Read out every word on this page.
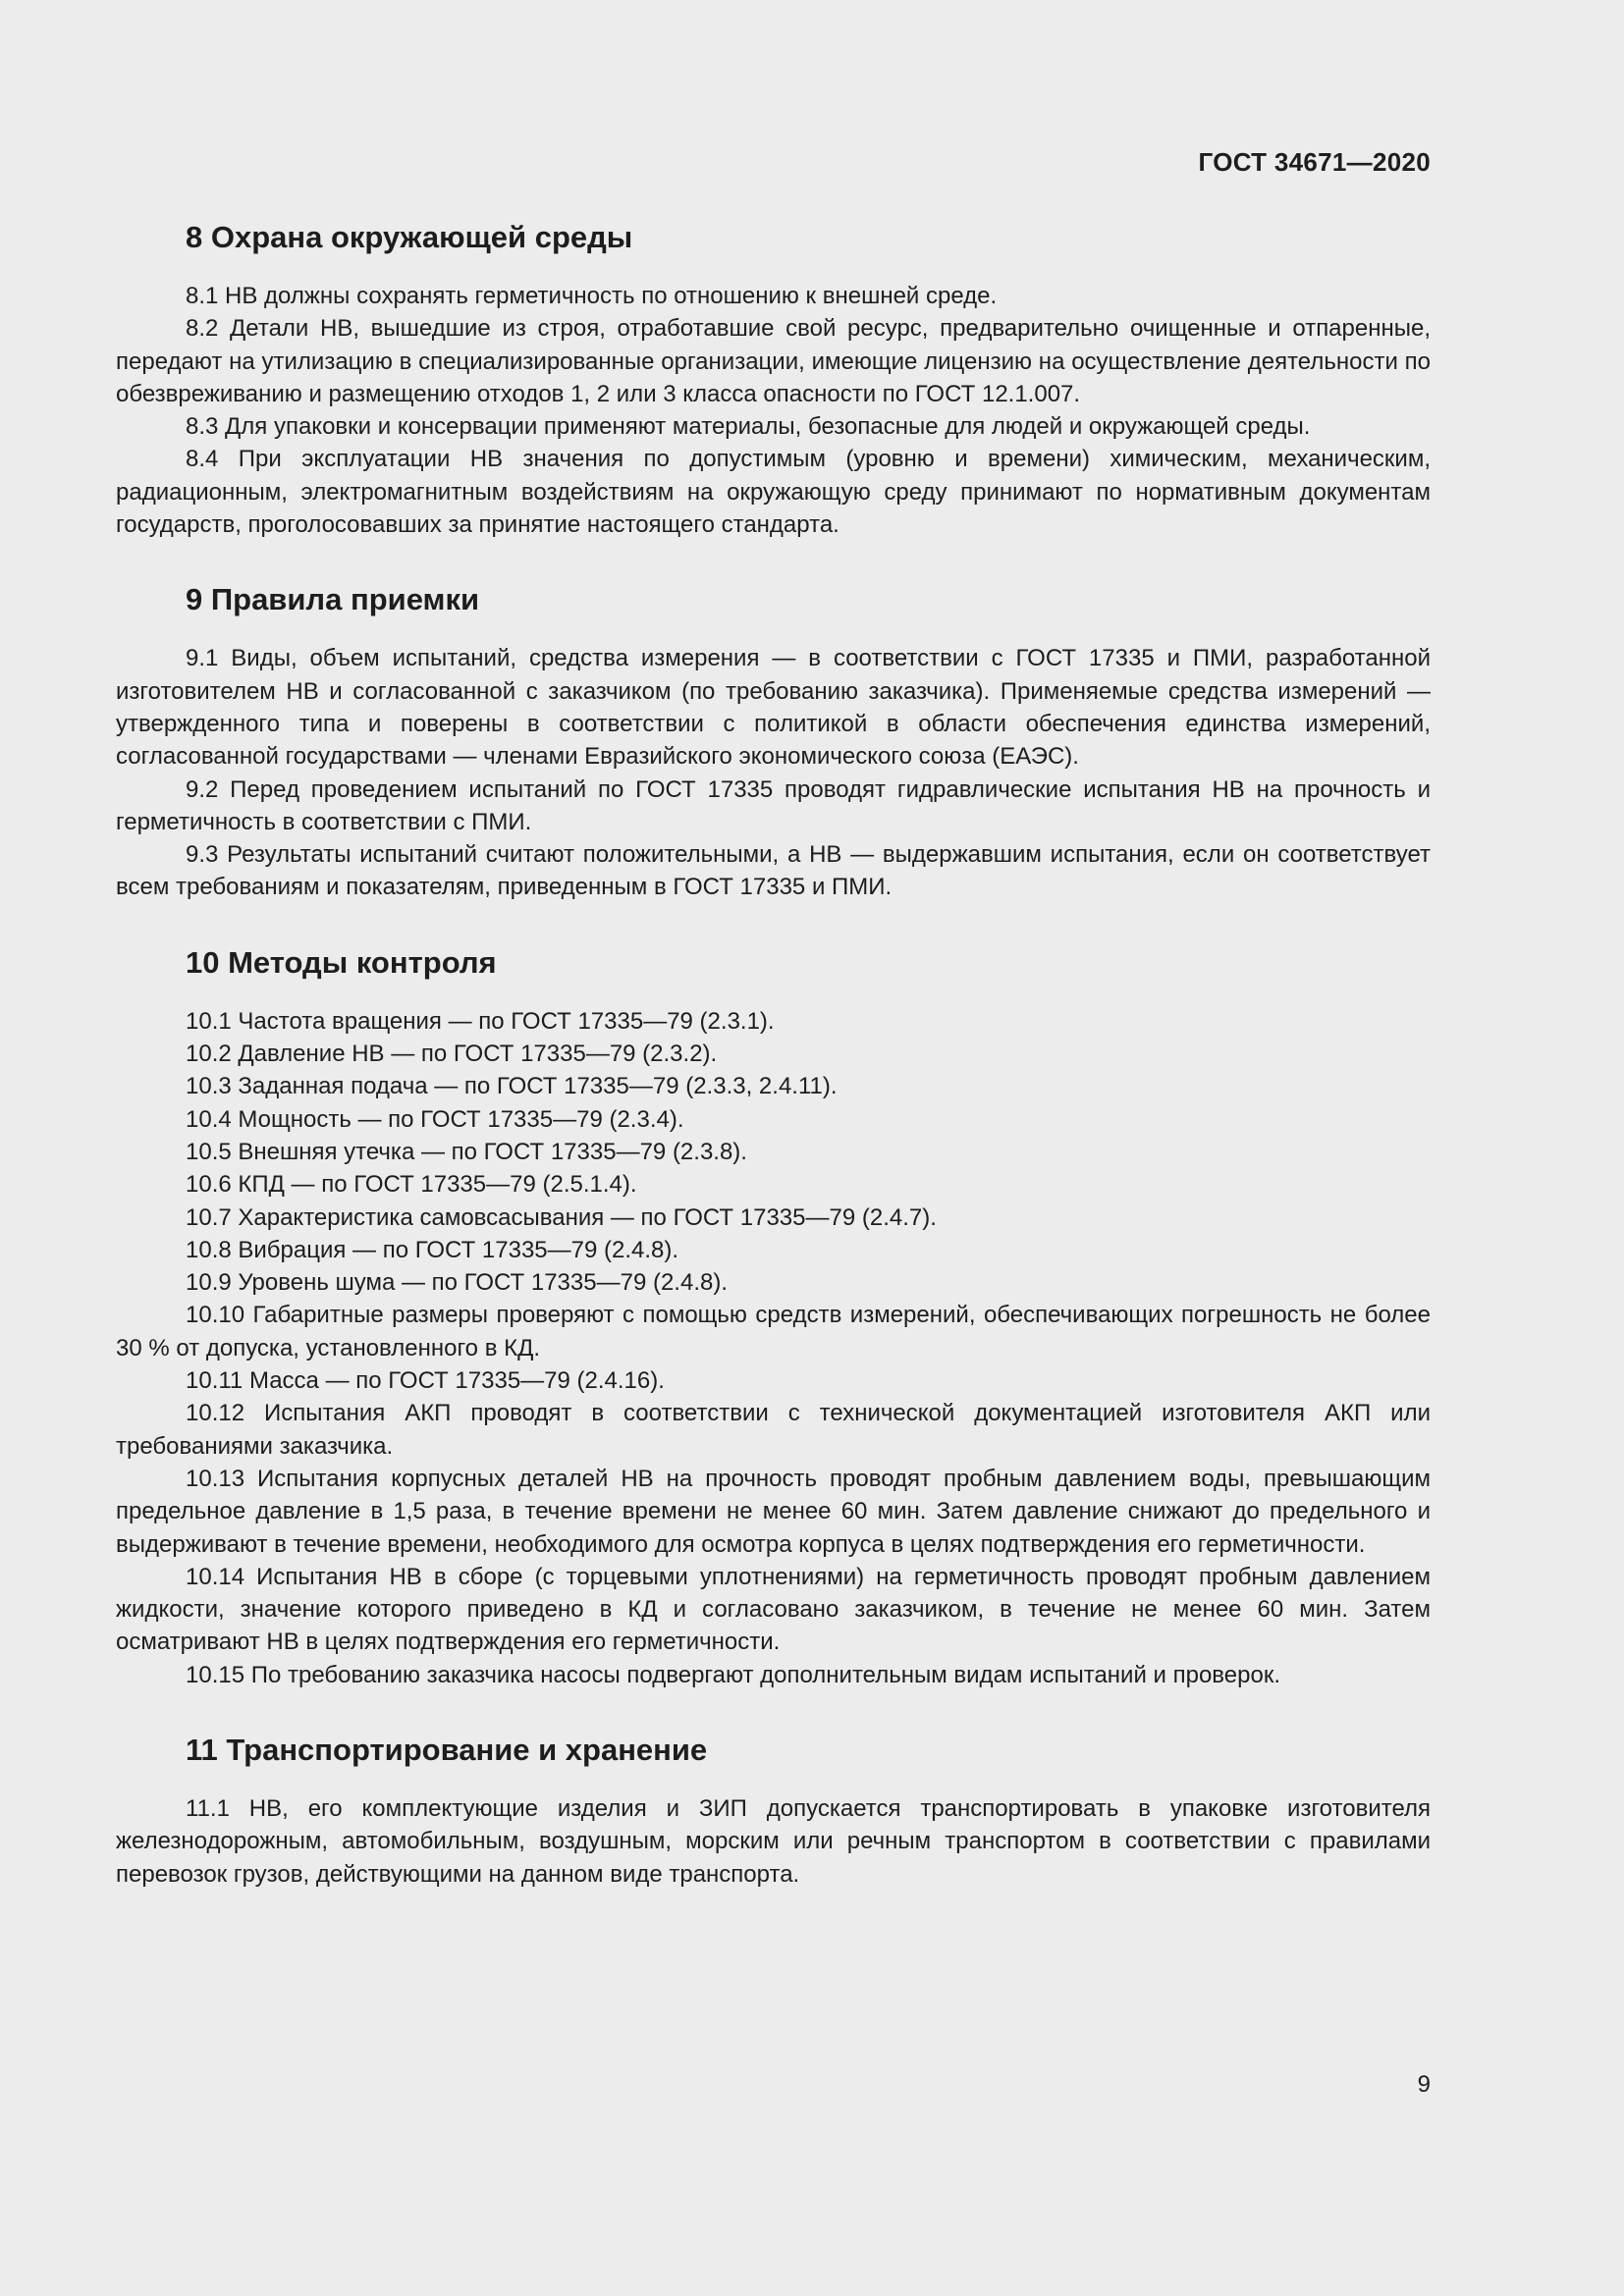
ГОСТ 34671—2020
8 Охрана окружающей среды

8.1 НВ должны сохранять герметичность по отношению к внешней среде.

8.2 Детали НВ, вышедшие из строя, отработавшие свой ресурс, предварительно очищенные и отпаренные, передают на утилизацию в специализированные организации, имеющие лицензию на осуществление деятельности по обезвреживанию и размещению отходов 1, 2 или 3 класса опасности по ГОСТ 12.1.007.

8.3 Для упаковки и консервации применяют материалы, безопасные для людей и окружающей среды.

8.4 При эксплуатации НВ значения по допустимым (уровню и времени) химическим, механическим, радиационным, электромагнитным воздействиям на окружающую среду принимают по нормативным документам государств, проголосовавших за принятие настоящего стандарта.

9 Правила приемки

9.1 Виды, объем испытаний, средства измерения — в соответствии с ГОСТ 17335 и ПМИ, разработанной изготовителем НВ и согласованной с заказчиком (по требованию заказчика). Применяемые средства измерений — утвержденного типа и поверены в соответствии с политикой в области обеспечения единства измерений, согласованной государствами — членами Евразийского экономического союза (ЕАЭС).

9.2 Перед проведением испытаний по ГОСТ 17335 проводят гидравлические испытания НВ на прочность и герметичность в соответствии с ПМИ.

9.3 Результаты испытаний считают положительными, а НВ — выдержавшим испытания, если он соответствует всем требованиям и показателям, приведенным в ГОСТ 17335 и ПМИ.

10 Методы контроля

10.1 Частота вращения — по ГОСТ 17335—79 (2.3.1).

10.2 Давление НВ — по ГОСТ 17335—79 (2.3.2).

10.3 Заданная подача — по ГОСТ 17335—79 (2.3.3, 2.4.11).

10.4 Мощность — по ГОСТ 17335—79 (2.3.4).

10.5 Внешняя утечка — по ГОСТ 17335—79 (2.3.8).

10.6 КПД — по ГОСТ 17335—79 (2.5.1.4).

10.7 Характеристика самовсасывания — по ГОСТ 17335—79 (2.4.7).

10.8 Вибрация — по ГОСТ 17335—79 (2.4.8).

10.9 Уровень шума — по ГОСТ 17335—79 (2.4.8).

10.10 Габаритные размеры проверяют с помощью средств измерений, обеспечивающих погрешность не более 30 % от допуска, установленного в КД.

10.11 Масса — по ГОСТ 17335—79 (2.4.16).

10.12 Испытания АКП проводят в соответствии с технической документацией изготовителя АКП или требованиями заказчика.

10.13 Испытания корпусных деталей НВ на прочность проводят пробным давлением воды, превышающим предельное давление в 1,5 раза, в течение времени не менее 60 мин. Затем давление снижают до предельного и выдерживают в течение времени, необходимого для осмотра корпуса в целях подтверждения его герметичности.

10.14 Испытания НВ в сборе (с торцевыми уплотнениями) на герметичность проводят пробным давлением жидкости, значение которого приведено в КД и согласовано заказчиком, в течение не менее 60 мин. Затем осматривают НВ в целях подтверждения его герметичности.

10.15 По требованию заказчика насосы подвергают дополнительным видам испытаний и проверок.

11 Транспортирование и хранение

11.1 НВ, его комплектующие изделия и ЗИП допускается транспортировать в упаковке изготовителя железнодорожным, автомобильным, воздушным, морским или речным транспортом в соответствии с правилами перевозок грузов, действующими на данном виде транспорта.

9
